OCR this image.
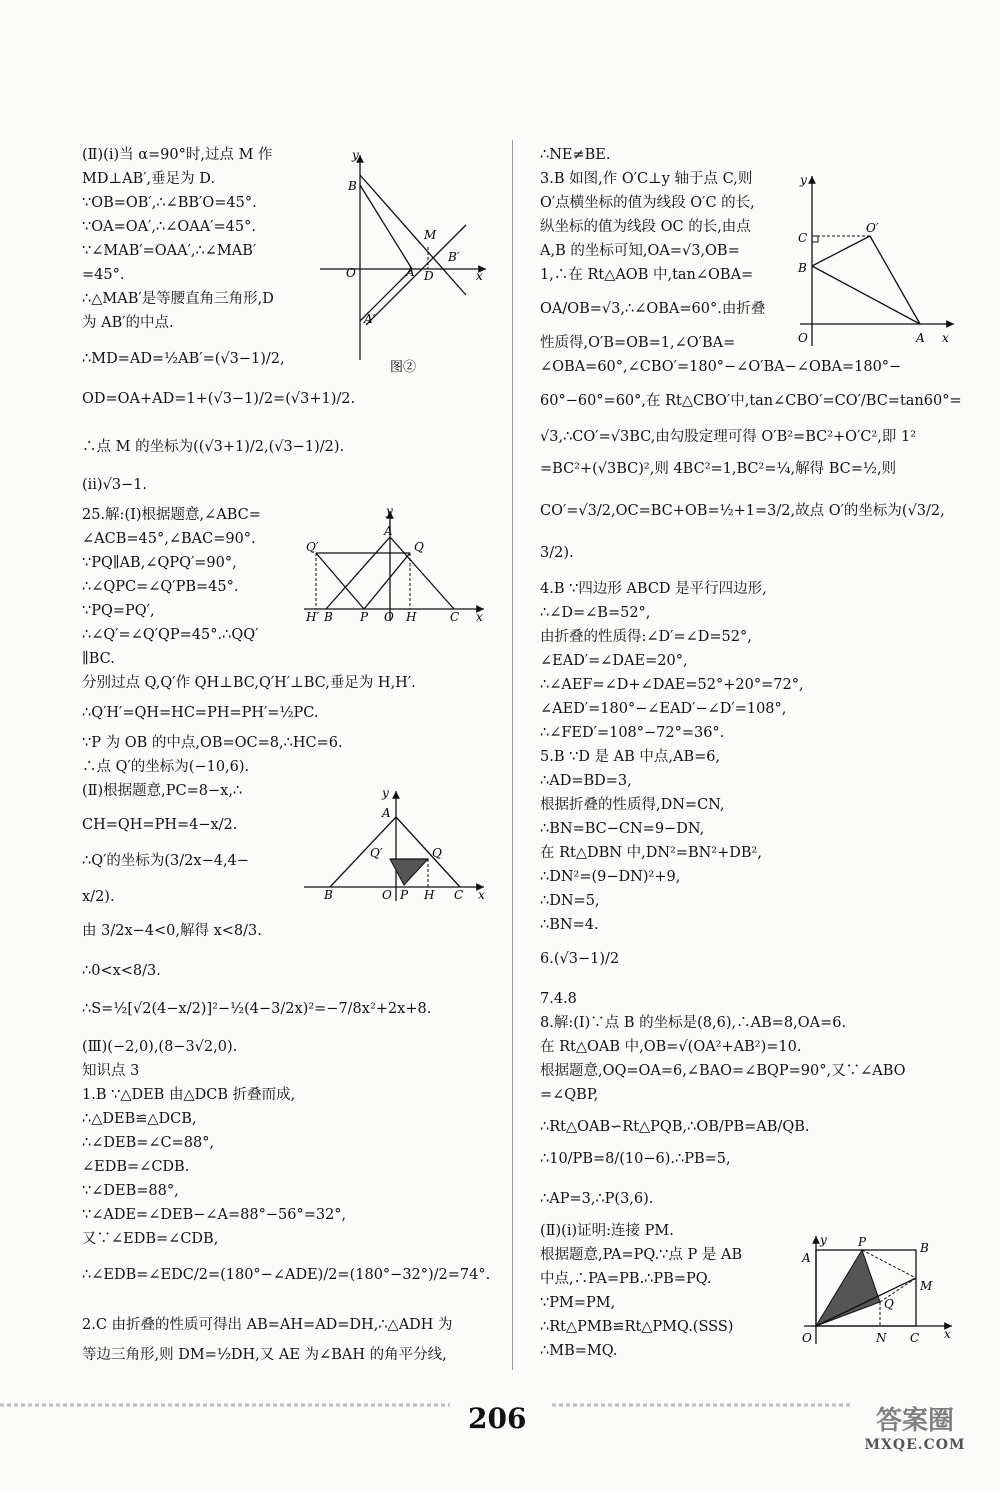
(Ⅱ)(ⅰ)当 α=90°时,过点 M 作
MD⊥AB′,垂足为 D.
∵OB=OB′,∴∠BB′O=45°.
∵OA=OA′,∴∠OAA′=45°.
∵∠MAB′=OAA′,∴∠MAB′
=45°.
∴△MAB′是等腰直角三角形,D
为 AB′的中点.
∴MD=AD=½AB′=(√3−1)/2,
OD=OA+AD=1+(√3−1)/2=(√3+1)/2.
∴点 M 的坐标为((√3+1)/2,(√3−1)/2).
(ⅱ)√3−1.
25.解:(Ⅰ)根据题意,∠ABC=
∠ACB=45°,∠BAC=90°.
∵PQ∥AB,∠QPQ′=90°,
∴∠QPC=∠Q′PB=45°.
∵PQ=PQ′,
∴∠Q′=∠Q′QP=45°.∴QQ′
∥BC.
分别过点 Q,Q′作 QH⊥BC,Q′H′⊥BC,垂足为 H,H′.
∴Q′H′=QH=HC=PH=PH′=½PC.
∵P 为 OB 的中点,OB=OC=8,∴HC=6.
∴点 Q′的坐标为(−10,6).
(Ⅱ)根据题意,PC=8−x,∴
CH=QH=PH=4−x/2.
∴Q′的坐标为(3/2x−4,4−
x/2).
由 3/2x−4<0,解得 x<8/3.
∴0<x<8/3.
∴S=½[√2(4−x/2)]²−½(4−3/2x)²=−7/8x²+2x+8.
(Ⅲ)(−2,0),(8−3√2,0).
知识点 3
1.B ∵△DEB 由△DCB 折叠而成,
∴△DEB≌△DCB,
∴∠DEB=∠C=88°,
∠EDB=∠CDB.
∵∠DEB=88°,
∵∠ADE=∠DEB−∠A=88°−56°=32°,
又∵∠EDB=∠CDB,
∴∠EDB=∠EDC/2=(180°−∠ADE)/2=(180°−32°)/2=74°.
2.C 由折叠的性质可得出 AB=AH=AD=DH,∴△ADH 为
等边三角形,则 DM=½DH,又 AE 为∠BAH 的角平分线,
∴NE≠BE.
3.B 如图,作 O′C⊥y 轴于点 C,则
O′点横坐标的值为线段 O′C 的长,
纵坐标的值为线段 OC 的长,由点
A,B 的坐标可知,OA=√3,OB=
1,∴在 Rt△AOB 中,tan∠OBA=
OA/OB=√3,∴∠OBA=60°.由折叠
性质得,O′B=OB=1,∠O′BA=
∠OBA=60°,∠CBO′=180°−∠O′BA−∠OBA=180°−
60°−60°=60°,在 Rt△CBO′中,tan∠CBO′=CO′/BC=tan60°=
√3,∴CO′=√3BC,由勾股定理可得 O′B²=BC²+O′C²,即 1²
=BC²+(√3BC)²,则 4BC²=1,BC²=¼,解得 BC=½,则
CO′=√3/2,OC=BC+OB=½+1=3/2,故点 O′的坐标为(√3/2,
3/2).
4.B ∵四边形 ABCD 是平行四边形,
∴∠D=∠B=52°,
由折叠的性质得:∠D′=∠D=52°,
∠EAD′=∠DAE=20°,
∴∠AEF=∠D+∠DAE=52°+20°=72°,
∠AED′=180°−∠EAD′−∠D′=108°,
∴∠FED′=108°−72°=36°.
5.B ∵D 是 AB 中点,AB=6,
∴AD=BD=3,
根据折叠的性质得,DN=CN,
∴BN=BC−CN=9−DN,
在 Rt△DBN 中,DN²=BN²+DB²,
∴DN²=(9−DN)²+9,
∴DN=5,
∴BN=4.
6.(√3−1)/2
7.4.8
8.解:(Ⅰ)∵点 B 的坐标是(8,6),∴AB=8,OA=6.
在 Rt△OAB 中,OB=√(OA²+AB²)=10.
根据题意,OQ=OA=6,∠BAO=∠BQP=90°,又∵∠ABO
=∠QBP,
∴Rt△OAB∽Rt△PQB,∴OB/PB=AB/QB.
∴10/PB=8/(10−6).∴PB=5,
∴AP=3,∴P(3,6).
(Ⅱ)(ⅰ)证明:连接 PM.
根据题意,PA=PQ.∵点 P 是 AB
中点,∴PA=PB.∴PB=PQ.
∵PM=PM,
∴Rt△PMB≌Rt△PMQ.(SSS)
∴MB=MQ.
y
B
M
B′
O	A D	x
A′
图②
y
A
Q′	Q
H′ B P O H	C x
y
A
Q′	Q
B	O P H C x
y
O′
C
B
O	A x
y
A
P	B
M
Q
O	N C x
206	答案圈
MXQE.COM
